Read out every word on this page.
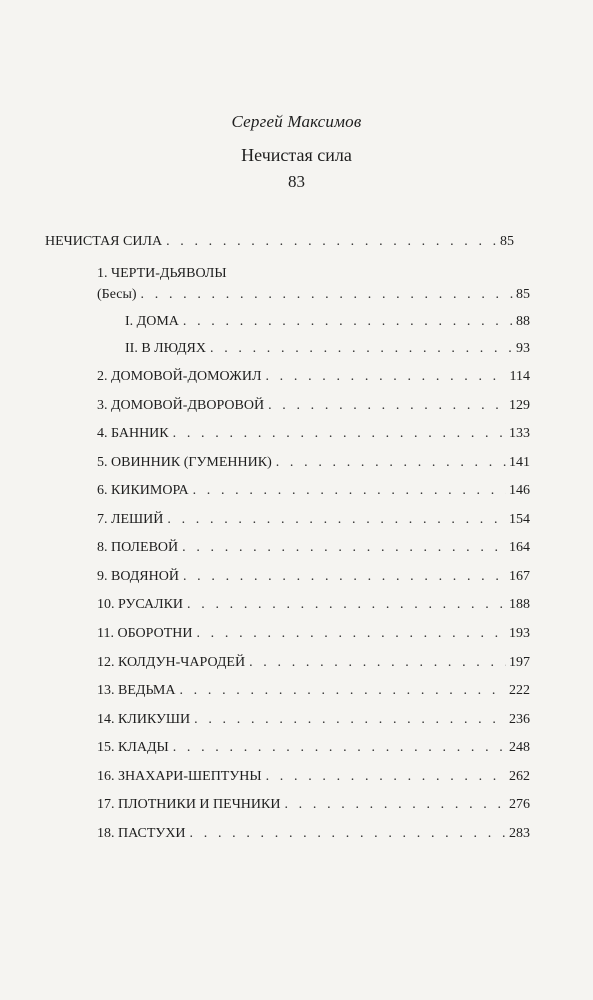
Сергей Максимов
Нечистая сила
83
НЕЧИСТАЯ СИЛА . . .	85
1. ЧЕРТИ-ДЬЯВОЛЫ
(Бесы) . . .	85
I. ДОМА . . .	88
II. В ЛЮДЯХ . . .	93
2. ДОМОВОЙ-ДОМОЖИЛ . . .	114
3. ДОМОВОЙ-ДВОРОВОЙ . . .	129
4. БАННИК . . .	133
5. ОВИННИК (ГУМЕННИК) . . .	141
6. КИКИМОРА . . .	146
7. ЛЕШИЙ . . .	154
8. ПОЛЕВОЙ . . .	164
9. ВОДЯНОЙ . . .	167
10. РУСАЛКИ . . .	188
11. ОБОРОТНИ . . .	193
12. КОЛДУН-ЧАРОДЕЙ . . .	197
13. ВЕДЬМА . . .	222
14. КЛИКУШИ . . .	236
15. КЛАДЫ . . .	248
16. ЗНАХАРИ-ШЕПТУНЫ . . .	262
17. ПЛОТНИКИ И ПЕЧНИКИ . . .	276
18. ПАСТУХИ . . .	283
